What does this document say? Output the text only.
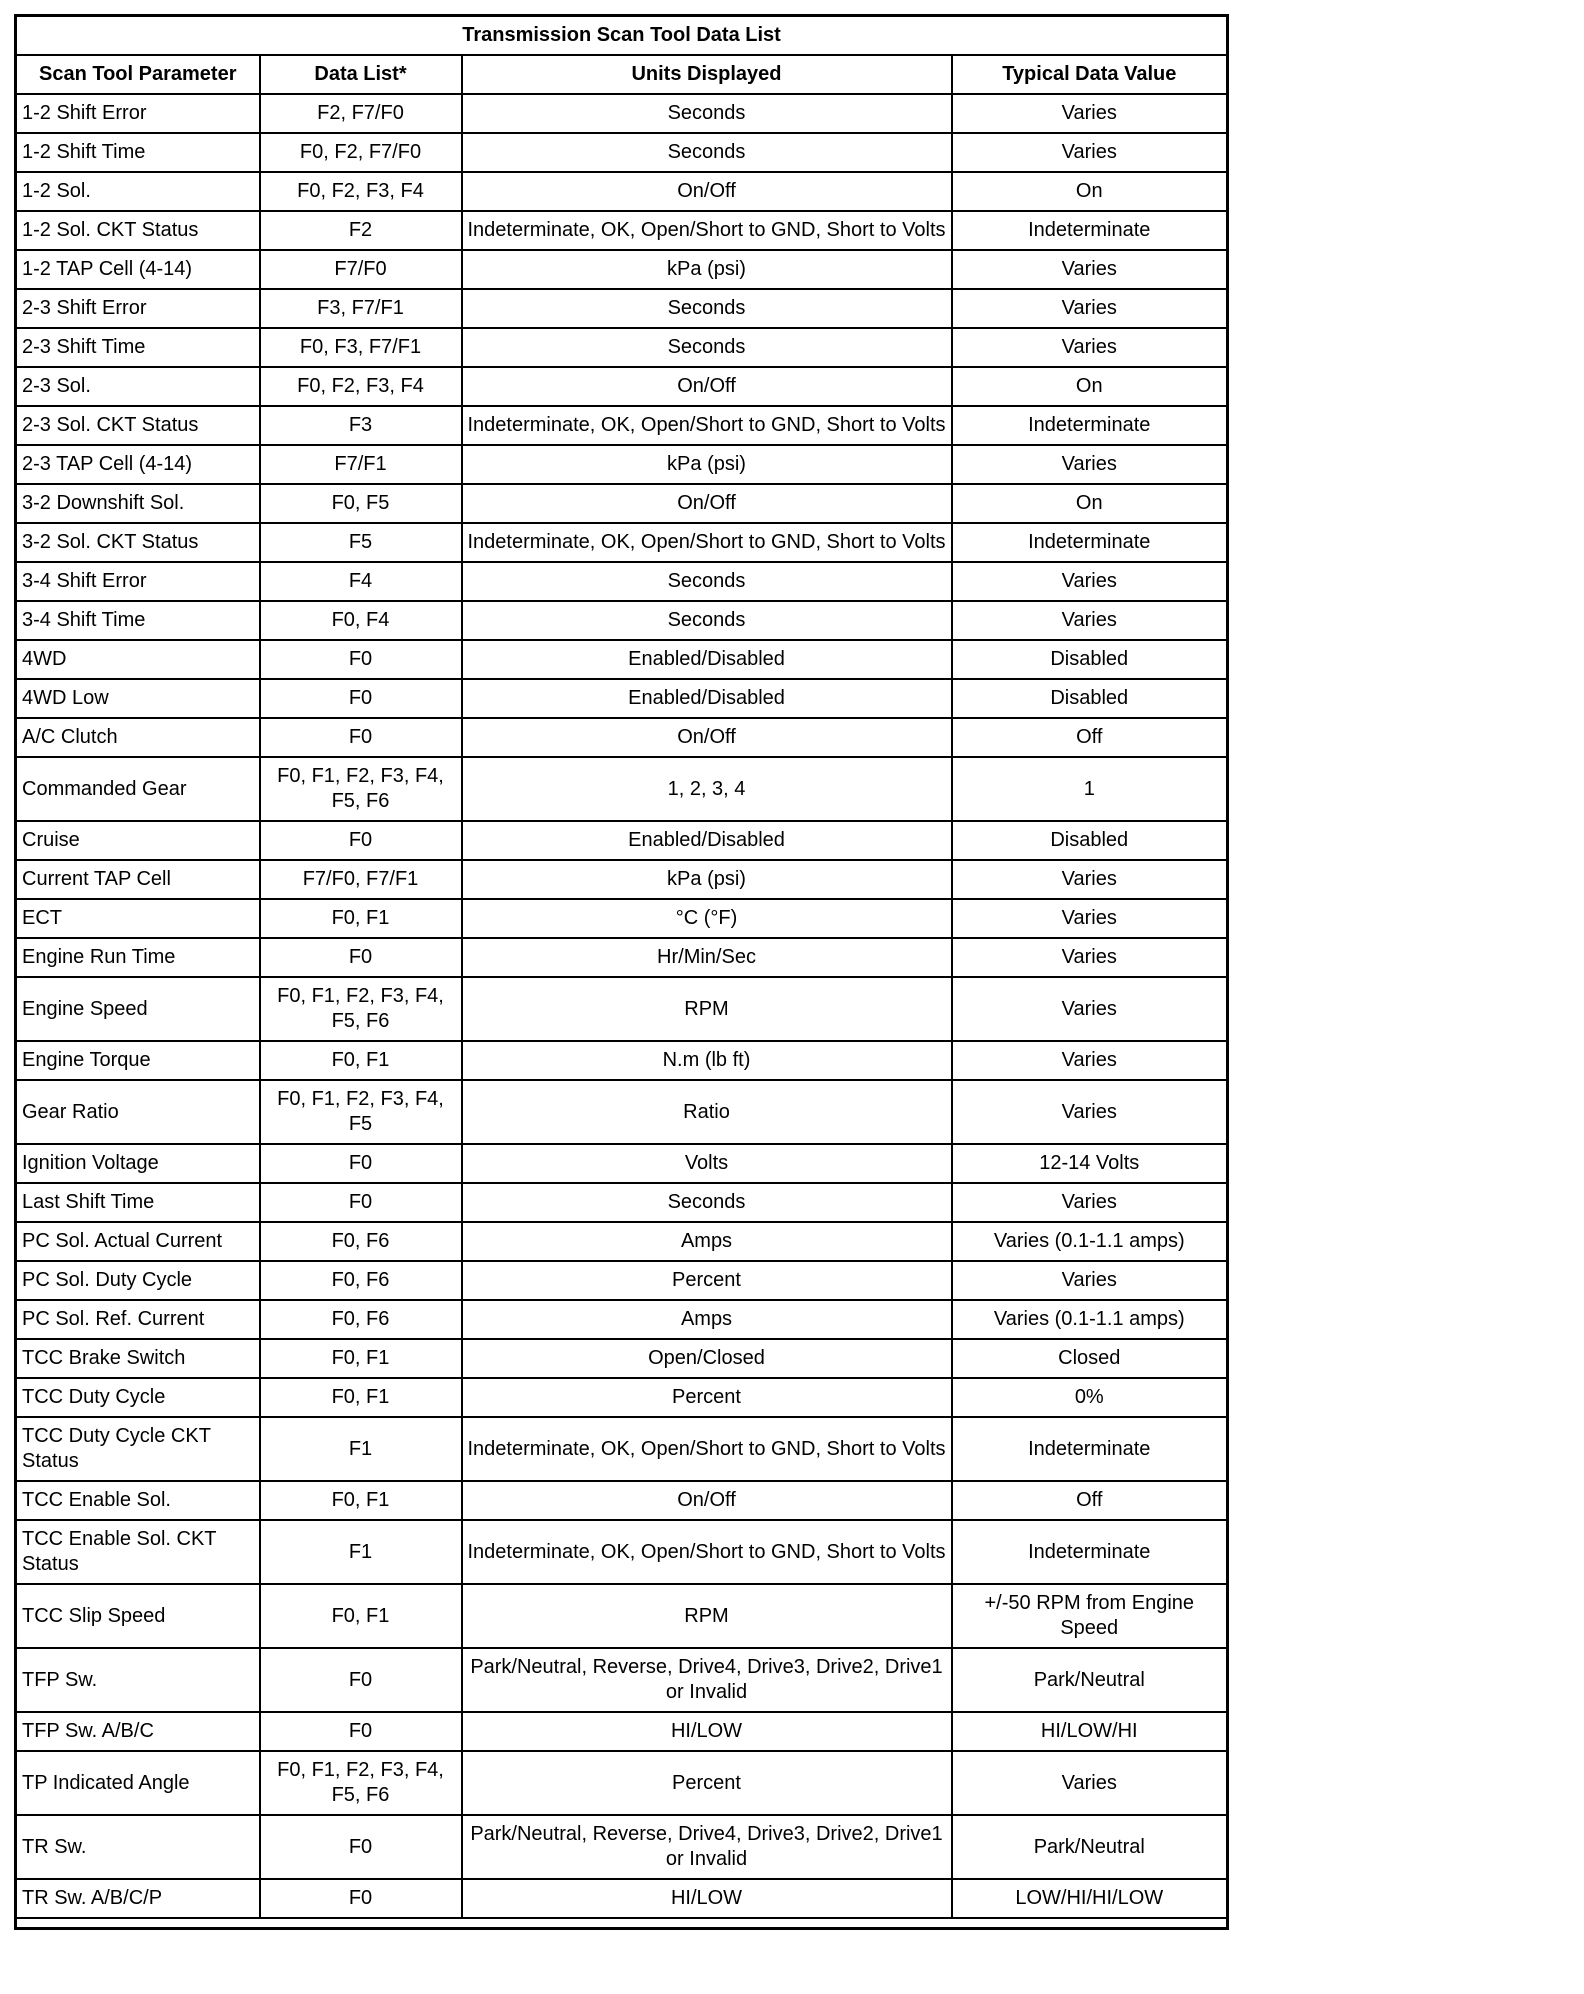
Transmission Scan Tool Data List			
Scan Tool Parameter	Data List*	Units Displayed	Typical Data Value
1-2 Shift Error	F2, F7/F0	Seconds	Varies
1-2 Shift Time	F0, F2, F7/F0	Seconds	Varies
1-2 Sol.	F0, F2, F3, F4	On/Off	On
1-2 Sol. CKT Status	F2	Indeterminate, OK, Open/Short to GND, Short to Volts	Indeterminate
1-2 TAP Cell (4-14)	F7/F0	kPa (psi)	Varies
2-3 Shift Error	F3, F7/F1	Seconds	Varies
2-3 Shift Time	F0, F3, F7/F1	Seconds	Varies
2-3 Sol.	F0, F2, F3, F4	On/Off	On
2-3 Sol. CKT Status	F3	Indeterminate, OK, Open/Short to GND, Short to Volts	Indeterminate
2-3 TAP Cell (4-14)	F7/F1	kPa (psi)	Varies
3-2 Downshift Sol.	F0, F5	On/Off	On
3-2 Sol. CKT Status	F5	Indeterminate, OK, Open/Short to GND, Short to Volts	Indeterminate
3-4 Shift Error	F4	Seconds	Varies
3-4 Shift Time	F0, F4	Seconds	Varies
4WD	F0	Enabled/Disabled	Disabled
4WD Low	F0	Enabled/Disabled	Disabled
A/C Clutch	F0	On/Off	Off
Commanded Gear	F0, F1, F2, F3, F4, F5, F6	1, 2, 3, 4	1
Cruise	F0	Enabled/Disabled	Disabled
Current TAP Cell	F7/F0, F7/F1	kPa (psi)	Varies
ECT	F0, F1	°C (°F)	Varies
Engine Run Time	F0	Hr/Min/Sec	Varies
Engine Speed	F0, F1, F2, F3, F4, F5, F6	RPM	Varies
Engine Torque	F0, F1	N.m (lb ft)	Varies
Gear Ratio	F0, F1, F2, F3, F4, F5	Ratio	Varies
Ignition Voltage	F0	Volts	12-14 Volts
Last Shift Time	F0	Seconds	Varies
PC Sol. Actual Current	F0, F6	Amps	Varies (0.1-1.1 amps)
PC Sol. Duty Cycle	F0, F6	Percent	Varies
PC Sol. Ref. Current	F0, F6	Amps	Varies (0.1-1.1 amps)
TCC Brake Switch	F0, F1	Open/Closed	Closed
TCC Duty Cycle	F0, F1	Percent	0%
TCC Duty Cycle CKT Status	F1	Indeterminate, OK, Open/Short to GND, Short to Volts	Indeterminate
TCC Enable Sol.	F0, F1	On/Off	Off
TCC Enable Sol. CKT Status	F1	Indeterminate, OK, Open/Short to GND, Short to Volts	Indeterminate
TCC Slip Speed	F0, F1	RPM	+/-50 RPM from Engine Speed
TFP Sw.	F0	Park/Neutral, Reverse, Drive4, Drive3, Drive2, Drive1 or Invalid	Park/Neutral
TFP Sw. A/B/C	F0	HI/LOW	HI/LOW/HI
TP Indicated Angle	F0, F1, F2, F3, F4, F5, F6	Percent	Varies
TR Sw.	F0	Park/Neutral, Reverse, Drive4, Drive3, Drive2, Drive1 or Invalid	Park/Neutral
TR Sw. A/B/C/P	F0	HI/LOW	LOW/HI/HI/LOW
